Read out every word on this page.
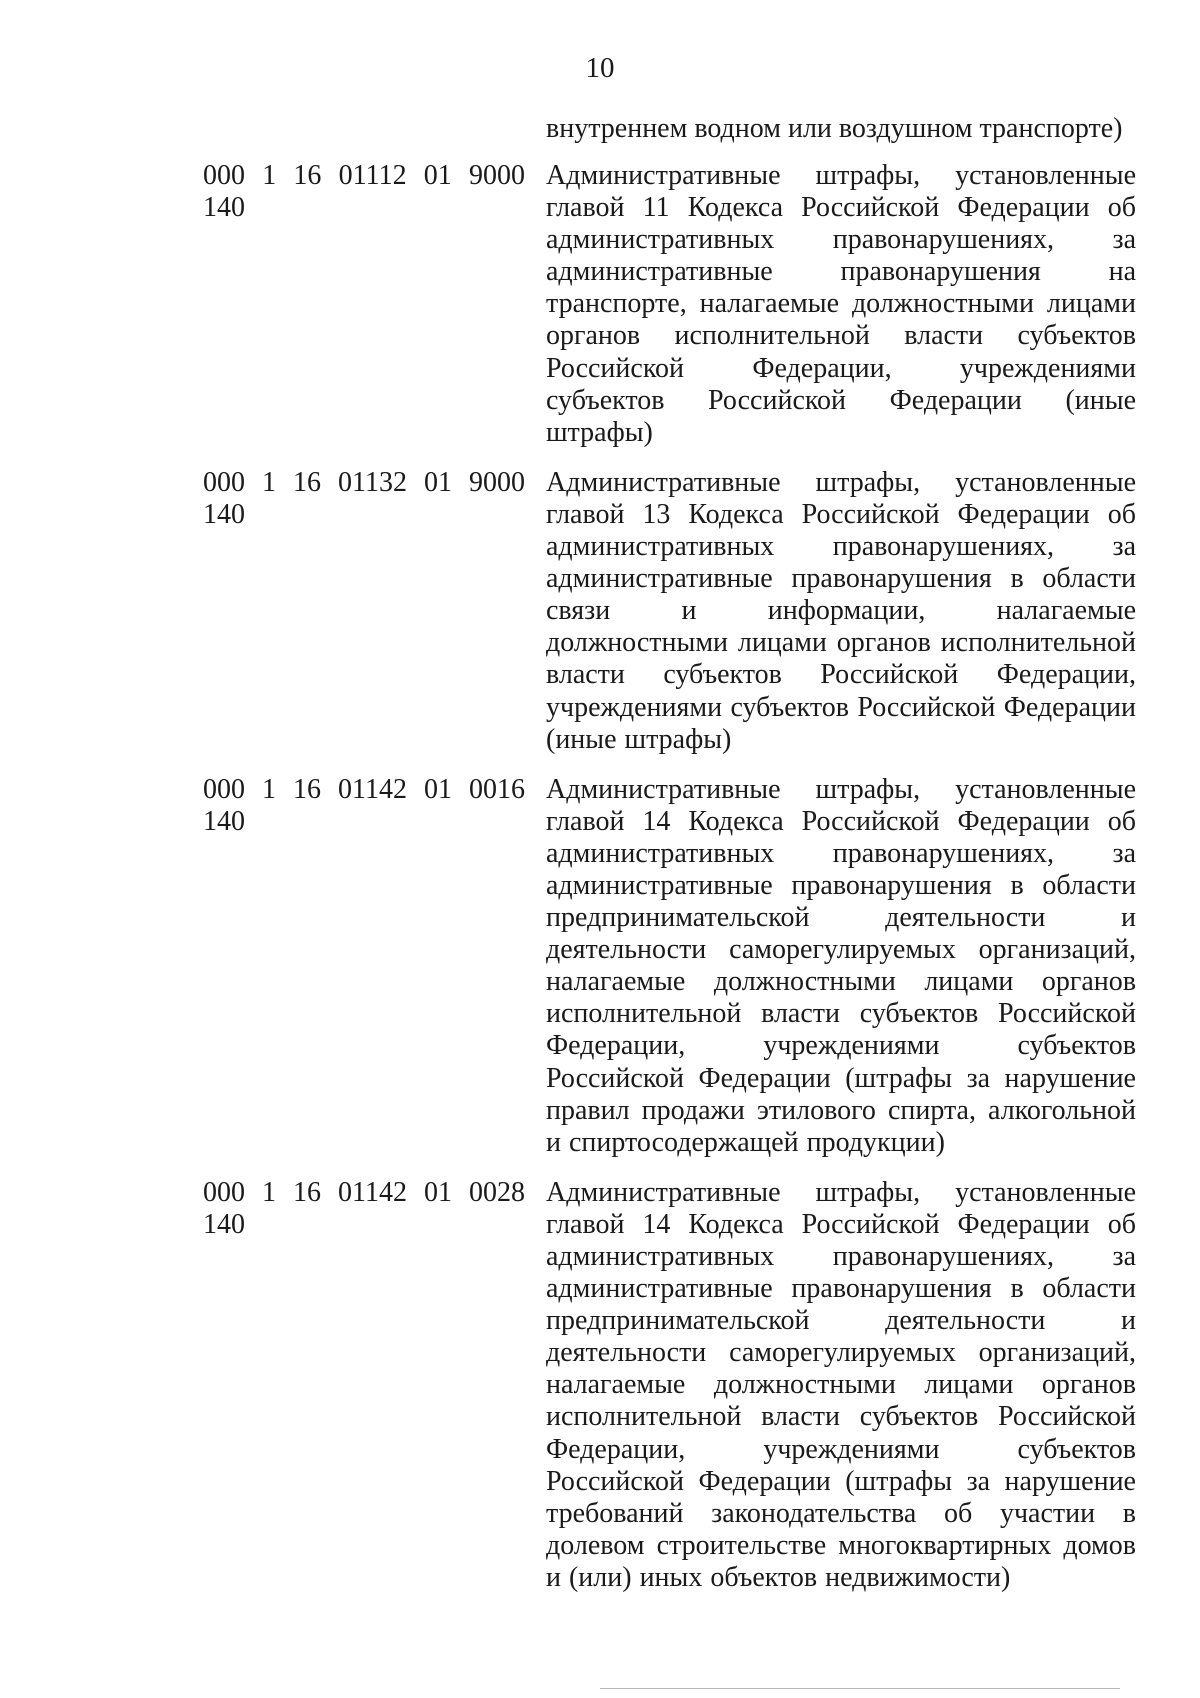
10
внутреннем водном или воздушном транспорте)
000 1 16 01112 01 9000
140
Административные штрафы, установленные главой 11 Кодекса Российской Федерации об административных правонарушениях, за административные правонарушения на транспорте, налагаемые должностными лицами органов исполнительной власти субъектов Российской Федерации, учреждениями субъектов Российской Федерации (иные штрафы)
000 1 16 01132 01 9000
140
Административные штрафы, установленные главой 13 Кодекса Российской Федерации об административных правонарушениях, за административные правонарушения в области связи и информации, налагаемые должностными лицами органов исполнительной власти субъектов Российской Федерации, учреждениями субъектов Российской Федерации (иные штрафы)
000 1 16 01142 01 0016
140
Административные штрафы, установленные главой 14 Кодекса Российской Федерации об административных правонарушениях, за административные правонарушения в области предпринимательской деятельности и деятельности саморегулируемых организаций, налагаемые должностными лицами органов исполнительной власти субъектов Российской Федерации, учреждениями субъектов Российской Федерации (штрафы за нарушение правил продажи этилового спирта, алкогольной и спиртосодержащей продукции)
000 1 16 01142 01 0028
140
Административные штрафы, установленные главой 14 Кодекса Российской Федерации об административных правонарушениях, за административные правонарушения в области предпринимательской деятельности и деятельности саморегулируемых организаций, налагаемые должностными лицами органов исполнительной власти субъектов Российской Федерации, учреждениями субъектов Российской Федерации (штрафы за нарушение требований законодательства об участии в долевом строительстве многоквартирных домов и (или) иных объектов недвижимости)
